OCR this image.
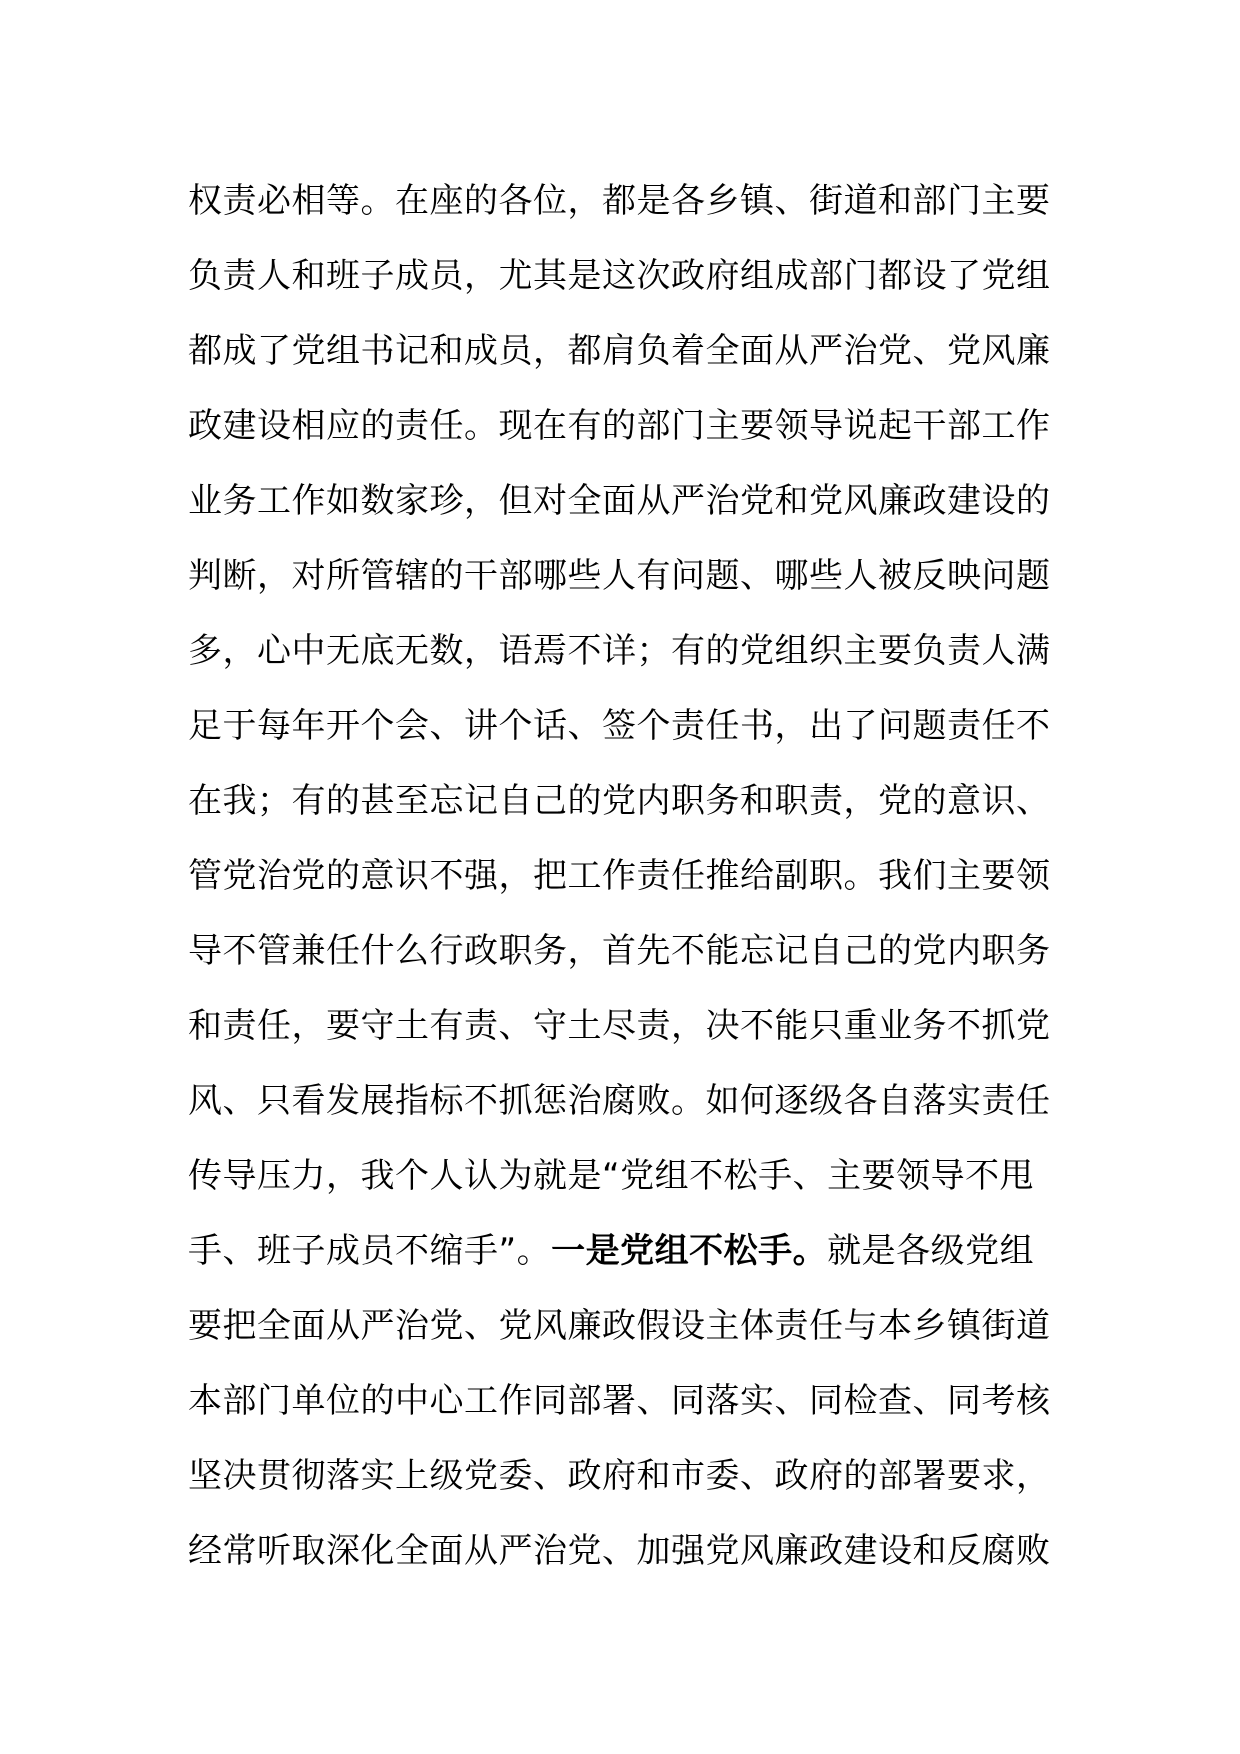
权责必相等。在座的各位，都是各乡镇、街道和部门主要
负责人和班子成员，尤其是这次政府组成部门都设了党组
都成了党组书记和成员，都肩负着全面从严治党、党风廉
政建设相应的责任。现在有的部门主要领导说起干部工作
业务工作如数家珍，但对全面从严治党和党风廉政建设的
判断，对所管辖的干部哪些人有问题、哪些人被反映问题
多，心中无底无数，语焉不详；有的党组织主要负责人满
足于每年开个会、讲个话、签个责任书，出了问题责任不
在我；有的甚至忘记自己的党内职务和职责，党的意识、
管党治党的意识不强，把工作责任推给副职。我们主要领
导不管兼任什么行政职务，首先不能忘记自己的党内职务
和责任，要守土有责、守土尽责，决不能只重业务不抓党
风、只看发展指标不抓惩治腐败。如何逐级各自落实责任
传导压力，我个人认为就是“党组不松手、主要领导不甩
手、班子成员不缩手”。一是党组不松手。就是各级党组
要把全面从严治党、党风廉政假设主体责任与本乡镇街道
本部门单位的中心工作同部署、同落实、同检查、同考核
坚决贯彻落实上级党委、政府和市委、政府的部署要求，
经常听取深化全面从严治党、加强党风廉政建设和反腐败
